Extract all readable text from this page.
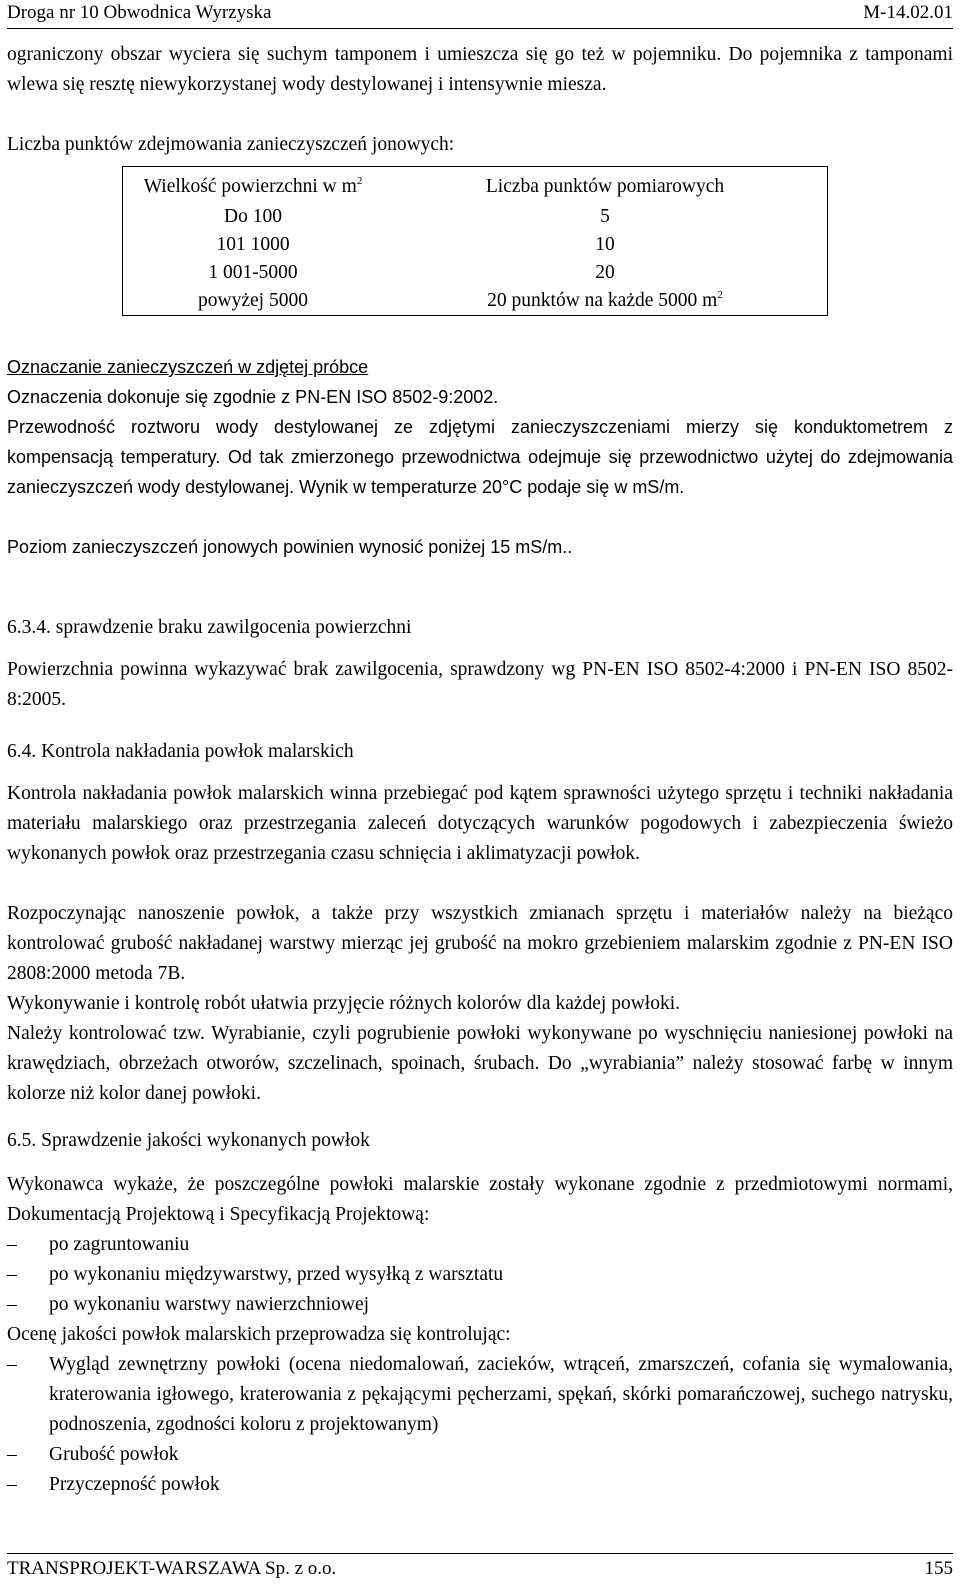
Droga nr 10 Obwodnica Wyrzyska	M-14.02.01

ograniczony obszar wyciera się suchym tamponem i umieszcza się go też w pojemniku. Do pojemnika z tamponami wlewa się resztę niewykorzystanej wody destylowanej i intensywnie miesza.

Liczba punktów zdejmowania zanieczyszczeń jonowych:

Wielkość powierzchni w $m^2$	Liczba punktów pomiarowych
Do 100	5
101 1000	10
1 001-5000	20
powyżej 5000	20 punktów na każde 5000 $m^2$

Oznaczanie zanieczyszczeń w zdjętej próbce

Oznaczenia dokonuje się zgodnie z PN-EN ISO 8502-9:2002.

Przewodność roztworu wody destylowanej ze zdjętymi zanieczyszczeniami mierzy się konduktometrem z kompensacją temperatury. Od tak zmierzonego przewodnictwa odejmuje się przewodnictwo użytej do zdejmowania zanieczyszczeń wody destylowanej. Wynik w temperaturze 20°C podaje się w mS/m.

Poziom zanieczyszczeń jonowych powinien wynosić poniżej 15 mS/m..

6.3.4. sprawdzenie braku zawilgocenia powierzchni

Powierzchnia powinna wykazywać brak zawilgocenia, sprawdzony wg PN-EN ISO 8502-4:2000 i PN-EN ISO 8502-8:2005.

6.4. Kontrola nakładania powłok malarskich

Kontrola nakładania powłok malarskich winna przebiegać pod kątem sprawności użytego sprzętu i techniki nakładania materiału malarskiego oraz przestrzegania zaleceń dotyczących warunków pogodowych i zabezpieczenia świeżo wykonanych powłok oraz przestrzegania czasu schnięcia i aklimatyzacji powłok.

Rozpoczynając nanoszenie powłok, a także przy wszystkich zmianach sprzętu i materiałów należy na bieżąco kontrolować grubość nakładanej warstwy mierząc jej grubość na mokro grzebieniem malarskim zgodnie z PN-EN ISO 2808:2000 metoda 7B.

Wykonywanie i kontrolę robót ułatwia przyjęcie różnych kolorów dla każdej powłoki.

Należy kontrolować tzw. Wyrabianie, czyli pogrubienie powłoki wykonywane po wyschnięciu naniesionej powłoki na krawędziach, obrzeżach otworów, szczelinach, spoinach, śrubach. Do „wyrabiania” należy stosować farbę w innym kolorze niż kolor danej powłoki.

6.5. Sprawdzenie jakości wykonanych powłok

Wykonawca wykaże, że poszczególne powłoki malarskie zostały wykonane zgodnie z przedmiotowymi normami, Dokumentacją Projektową i Specyfikacją Projektową:

– po zagruntowaniu
– po wykonaniu międzywarstwy, przed wysyłką z warsztatu
– po wykonaniu warstwy nawierzchniowej

Ocenę jakości powłok malarskich przeprowadza się kontrolując:

– Wygląd zewnętrzny powłoki (ocena niedomalowań, zacieków, wtrąceń, zmarszczeń, cofania się wymalowania, kraterowania igłowego, kraterowania z pękającymi pęcherzami, spękań, skórki pomarańczowej, suchego natrysku, podnoszenia, zgodności koloru z projektowanym)
– Grubość powłok
– Przyczepność powłok
TRANSPROJEKT-WARSZAWA Sp. z o.o.	155
